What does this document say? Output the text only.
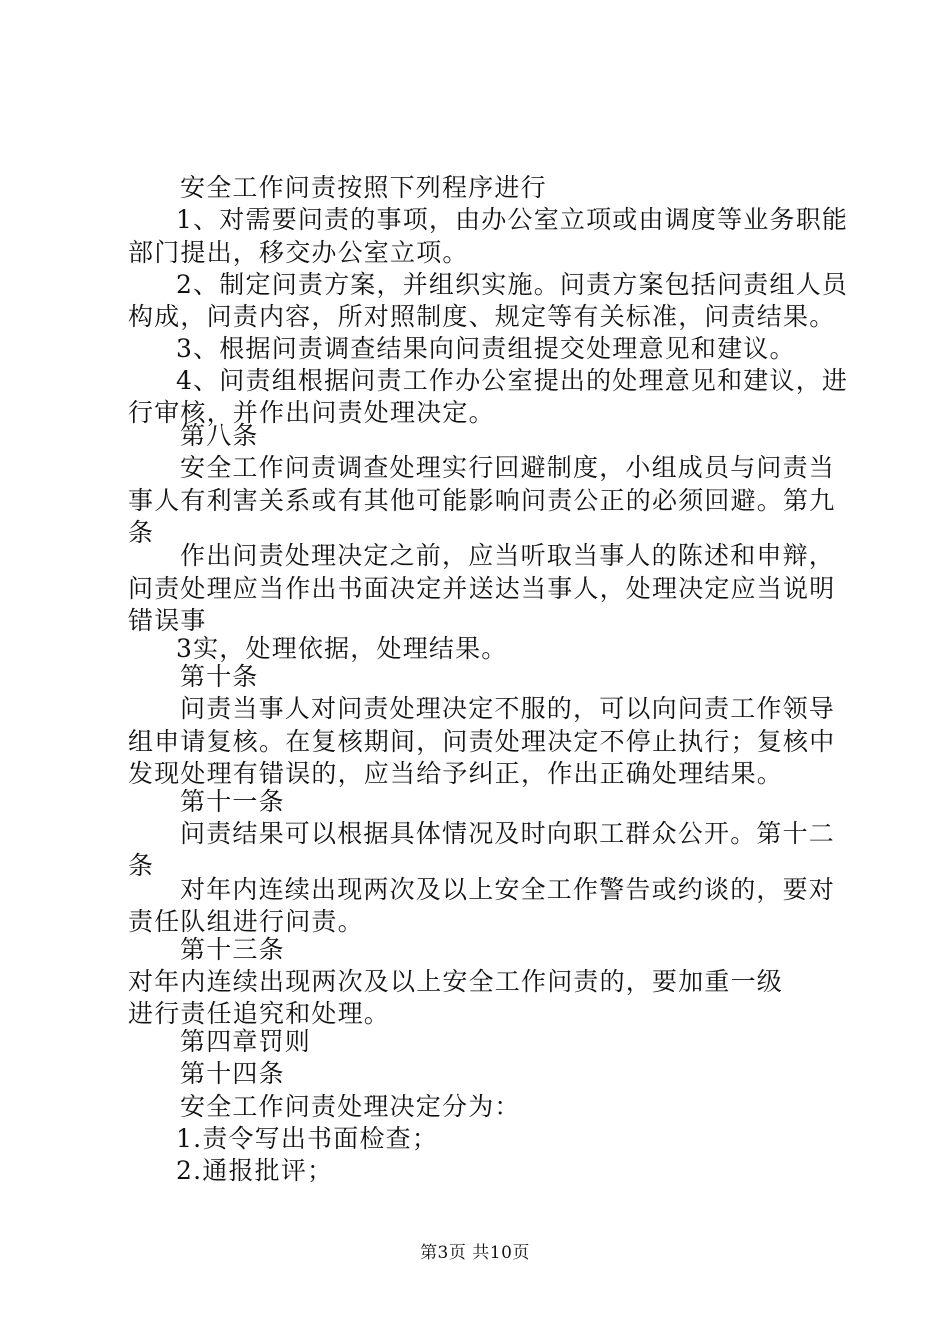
安全工作问责按照下列程序进行
1、对需要问责的事项，由办公室立项或由调度等业务职能
部门提出，移交办公室立项。
2、制定问责方案，并组织实施。问责方案包括问责组人员
构成，问责内容，所对照制度、规定等有关标准，问责结果。
3、根据问责调查结果向问责组提交处理意见和建议。
4、问责组根据问责工作办公室提出的处理意见和建议，进
行审核，并作出问责处理决定。
第八条
安全工作问责调查处理实行回避制度，小组成员与问责当
事人有利害关系或有其他可能影响问责公正的必须回避。第九
条
作出问责处理决定之前，应当听取当事人的陈述和申辩，
问责处理应当作出书面决定并送达当事人，处理决定应当说明
错误事
3实，处理依据，处理结果。
第十条
问责当事人对问责处理决定不服的，可以向问责工作领导
组申请复核。在复核期间，问责处理决定不停止执行；复核中
发现处理有错误的，应当给予纠正，作出正确处理结果。
第十一条
问责结果可以根据具体情况及时向职工群众公开。第十二
条
对年内连续出现两次及以上安全工作警告或约谈的，要对
责任队组进行问责。
第十三条
对年内连续出现两次及以上安全工作问责的，要加重一级
进行责任追究和处理。
第四章罚则
第十四条
安全工作问责处理决定分为：
1.责令写出书面检查；
2.通报批评；
第3页 共10页
